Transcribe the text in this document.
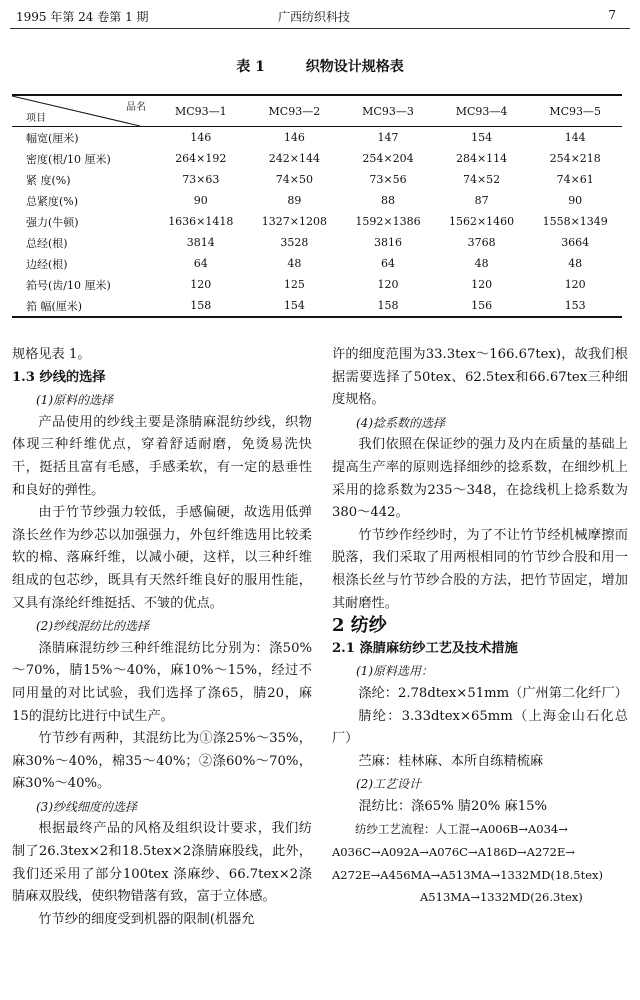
1995 年第 24 卷第 1 期	广西纺织科技	7
表 1	织物设计规格表
品名
项目	MC93—1	MC93—2	MC93—3	MC93—4	MC93—5
幅宽(厘米)	146	146	147	154	144
密度(根/10 厘米)	264×192	242×144	254×204	284×114	254×218
紧 度(%)	73×63	74×50	73×56	74×52	74×61
总紧度(%)	90	89	88	87	90
强力(牛顿)	1636×1418	1327×1208	1592×1386	1562×1460	1558×1349
总经(根)	3814	3528	3816	3768	3664
边经(根)	64	48	64	48	48
筘号(齿/10 厘米)	120	125	120	120	120
筘 幅(厘米)	158	154	158	156	153

规格见表 1。

1.3 纱线的选择

(1)原料的选择

产品使用的纱线主要是涤腈麻混纺纱线，织物体现三种纤维优点，穿着舒适耐磨，免烫易洗快干，挺括且富有毛感，手感柔软，有一定的悬垂性和良好的弹性。

由于竹节纱强力较低，手感偏硬，故选用低弹涤长丝作为纱芯以加强强力，外包纤维选用比较柔软的棉、落麻纤维，以减小硬，这样，以三种纤维组成的包芯纱，既具有天然纤维良好的服用性能，又具有涤纶纤维挺括、不皱的优点。

(2)纱线混纺比的选择

涤腈麻混纺纱三种纤维混纺比分别为：涤50%～70%，腈15%～40%，麻10%～15%，经过不同用量的对比试验，我们选择了涤65，腈20，麻15的混纺比进行中试生产。

竹节纱有两种，其混纺比为①涤25%～35%，麻30%～40%，棉35～40%；②涤60%～70%，麻30%～40%。

(3)纱线细度的选择

根据最终产品的风格及组织设计要求，我们纺制了26.3tex×2和18.5tex×2涤腈麻股线，此外，我们还采用了部分100tex 涤麻纱、66.7tex×2涤腈麻双股线，使织物错落有致，富于立体感。

竹节纱的细度受到机器的限制(机器允

许的细度范围为33.3tex～166.67tex)，故我们根据需要选择了50tex、62.5tex和66.67tex三种细度规格。

(4)捻系数的选择

我们依照在保证纱的强力及内在质量的基础上提高生产率的原则选择细纱的捻系数，在细纱机上采用的捻系数为235～348，在捻线机上捻系数为380～442。

竹节纱作经纱时，为了不让竹节经机械摩擦而脱落，我们采取了用两根相同的竹节纱合股和用一根涤长丝与竹节纱合股的方法，把竹节固定，增加其耐磨性。

2 纺纱

2.1 涤腈麻纺纱工艺及技术措施

(1)原料选用：

涤纶：2.78dtex×51mm（广州第二化纤厂）

腈纶：3.33dtex×65mm（上海金山石化总厂）

苎麻：桂林麻、本所自练精梳麻

(2)工艺设计

混纺比：涤65% 腈20% 麻15%

纺纱工艺流程：人工混→A006B→A034→

A036C→A092A→A076C→A186D→A272E→

A272E→A456MA→A513MA→1332MD(18.5tex)

A513MA→1332MD(26.3tex)
